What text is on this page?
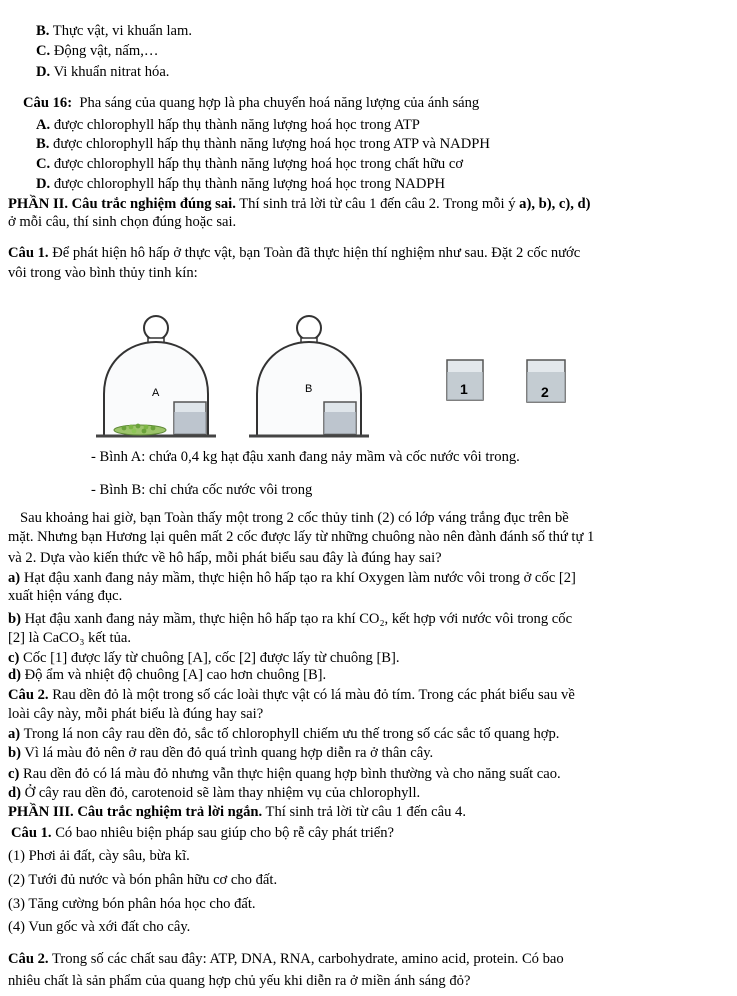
B. Thực vật, vi khuẩn lam.
C. Động vật, nấm,…
D. Vi khuẩn nitrat hóa.
Câu 16: Pha sáng của quang hợp là pha chuyển hoá năng lượng của ánh sáng
A. được chlorophyll hấp thụ thành năng lượng hoá học trong ATP
B. được chlorophyll hấp thụ thành năng lượng hoá học trong ATP và NADPH
C. được chlorophyll hấp thụ thành năng lượng hoá học trong chất hữu cơ
D. được chlorophyll hấp thụ thành năng lượng hoá học trong NADPH
PHẦN II. Câu trắc nghiệm đúng sai. Thí sinh trả lời từ câu 1 đến câu 2. Trong mỗi ý a), b), c), d)
ở mỗi câu, thí sinh chọn đúng hoặc sai.
Câu 1. Để phát hiện hô hấp ở thực vật, bạn Toàn đã thực hiện thí nghiệm như sau. Đặt 2 cốc nước
vôi trong vào bình thủy tinh kín:
A	B	1	2
- Bình A: chứa 0,4 kg hạt đậu xanh đang nảy mầm và cốc nước vôi trong.
- Bình B: chỉ chứa cốc nước vôi trong
Sau khoảng hai giờ, bạn Toàn thấy một trong 2 cốc thủy tinh (2) có lớp váng trắng đục trên bề
mặt. Nhưng bạn Hương lại quên mất 2 cốc được lấy từ những chuông nào nên đành đánh số thứ tự 1
và 2. Dựa vào kiến thức về hô hấp, mỗi phát biểu sau đây là đúng hay sai?
a) Hạt đậu xanh đang nảy mầm, thực hiện hô hấp tạo ra khí Oxygen làm nước vôi trong ở cốc [2]
xuất hiện váng đục.
b) Hạt đậu xanh đang nảy mầm, thực hiện hô hấp tạo ra khí CO₂, kết hợp với nước vôi trong cốc
[2] là CaCO₃ kết tủa.
c) Cốc [1] được lấy từ chuông [A], cốc [2] được lấy từ chuông [B].
d) Độ ẩm và nhiệt độ chuông [A] cao hơn chuông [B].
Câu 2. Rau dền đỏ là một trong số các loài thực vật có lá màu đỏ tím. Trong các phát biểu sau về
loài cây này, mỗi phát biểu là đúng hay sai?
a) Trong lá non cây rau dền đỏ, sắc tố chlorophyll chiếm ưu thế trong số các sắc tố quang hợp.
b) Vì lá màu đỏ nên ở rau dền đỏ quá trình quang hợp diễn ra ở thân cây.
c) Rau dền đỏ có lá màu đỏ nhưng vẫn thực hiện quang hợp bình thường và cho năng suất cao.
d) Ở cây rau dền đỏ, carotenoid sẽ làm thay nhiệm vụ của chlorophyll.
PHẦN III. Câu trắc nghiệm trả lời ngắn. Thí sinh trả lời từ câu 1 đến câu 4.
Câu 1. Có bao nhiêu biện pháp sau giúp cho bộ rễ cây phát triển?
(1) Phơi ải đất, cày sâu, bừa kĩ.
(2) Tưới đủ nước và bón phân hữu cơ cho đất.
(3) Tăng cường bón phân hóa học cho đất.
(4) Vun gốc và xới đất cho cây.
Câu 2. Trong số các chất sau đây: ATP, DNA, RNA, carbohydrate, amino acid, protein. Có bao
nhiêu chất là sản phẩm của quang hợp chủ yếu khi diễn ra ở miền ánh sáng đỏ?
